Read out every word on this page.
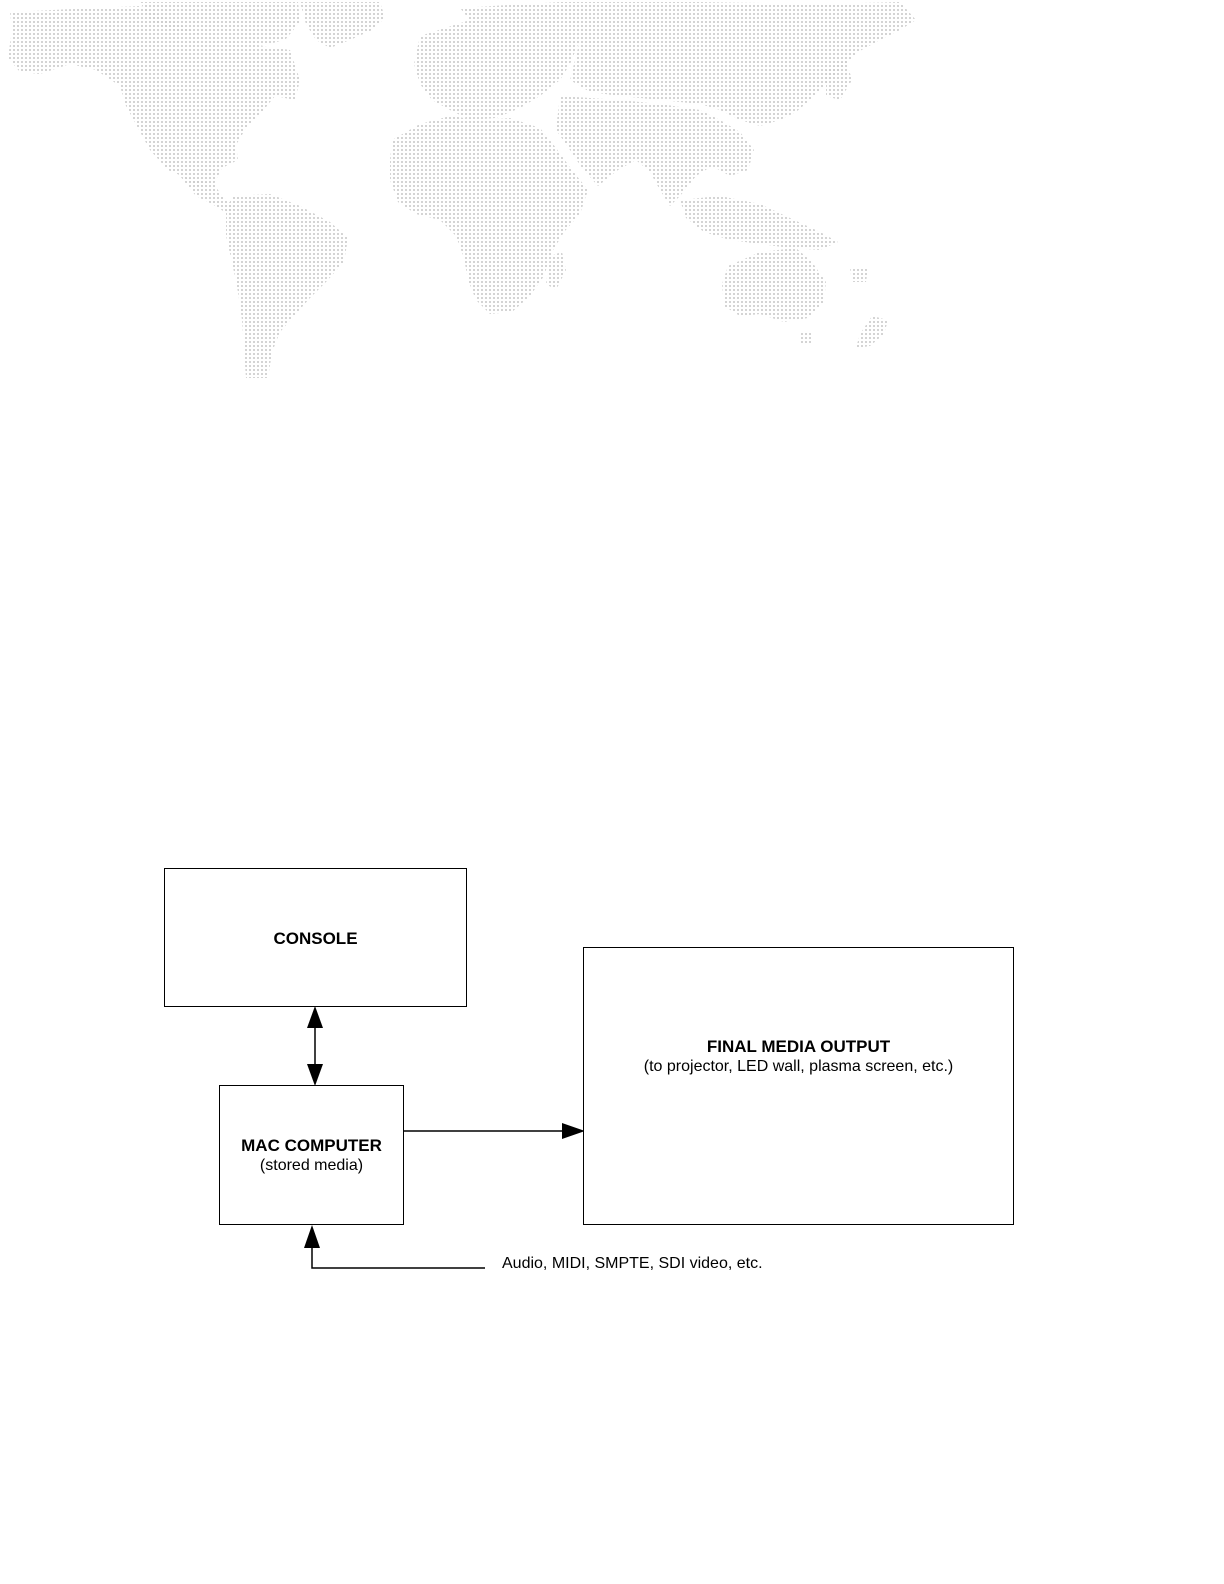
CONSOLE
MAC COMPUTER
(stored media)
FINAL MEDIA OUTPUT
(to projector, LED wall, plasma screen, etc.)
Audio, MIDI, SMPTE, SDI video, etc.
